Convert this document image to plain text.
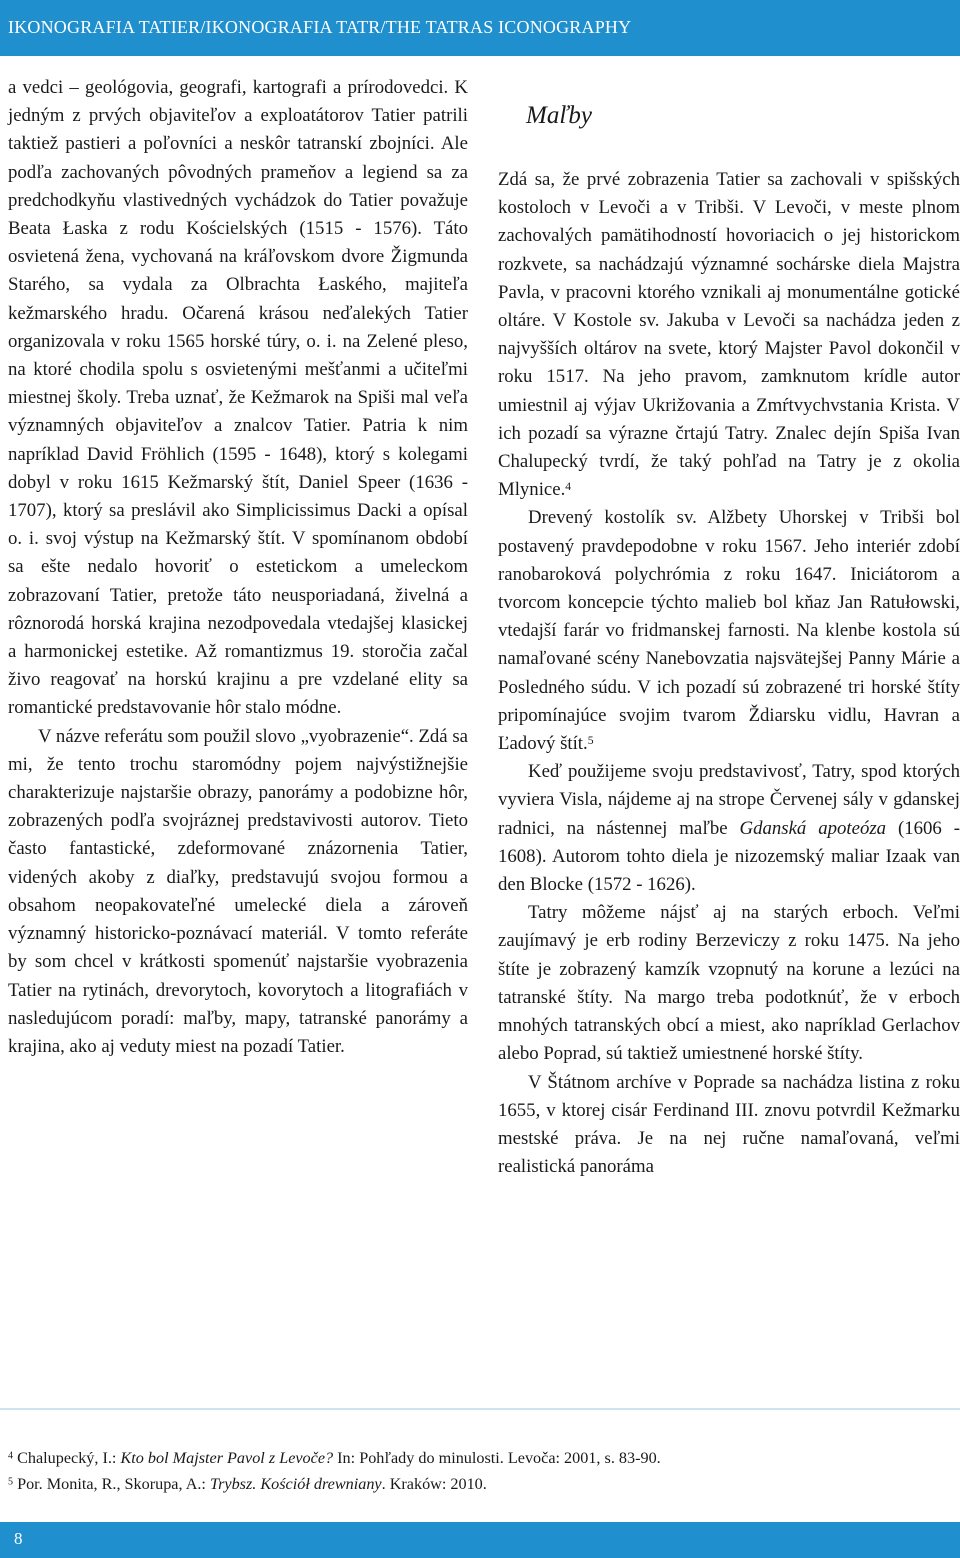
IKONOGRAFIA TATIER/IKONOGRAFIA TATR/THE TATRAS ICONOGRAPHY

a vedci – geológovia, geografi, kartografi a prírodovedci. K jedným z prvých objaviteľov a exploatátorov Tatier patrili taktiež pastieri a poľovníci a neskôr tatranskí zbojníci. Ale podľa zachovaných pôvodných prameňov a legiend sa za predchodkyňu vlastivedných vychádzok do Tatier považuje Beata Łaska z rodu Kościelských (1515 - 1576). Táto osvietená žena, vychovaná na kráľovskom dvore Žigmunda Starého, sa vydala za Olbrachta Łaského, majiteľa kežmarského hradu. Očarená krásou neďalekých Tatier organizovala v roku 1565 horské túry, o. i. na Zelené pleso, na ktoré chodila spolu s osvietenými mešťanmi a učiteľmi miestnej školy. Treba uznať, že Kežmarok na Spiši mal veľa významných objaviteľov a znalcov Tatier. Patria k nim napríklad David Fröhlich (1595 - 1648), ktorý s kolegami dobyl v roku 1615 Kežmarský štít, Daniel Speer (1636 - 1707), ktorý sa preslávil ako Simplicissimus Dacki a opísal o. i. svoj výstup na Kežmarský štít. V spomínanom období sa ešte nedalo hovoriť o estetickom a umeleckom zobrazovaní Tatier, pretože táto neusporiadaná, živelná a rôznorodá horská krajina nezodpovedala vtedajšej klasickej a harmonickej estetike. Až romantizmus 19. storočia začal živo reagovať na horskú krajinu a pre vzdelané elity sa romantické predstavovanie hôr stalo módne.

V názve referátu som použil slovo „vyobrazenie“. Zdá sa mi, že tento trochu staromódny pojem najvýstižnejšie charakterizuje najstaršie obrazy, panorámy a podobizne hôr, zobrazených podľa svojráznej predstavivosti autorov. Tieto často fantastické, zdeformované znázornenia Tatier, videných akoby z diaľky, predstavujú svojou formou a obsahom neopakovateľné umelecké diela a zároveň významný historicko-poznávací materiál. V tomto referáte by som chcel v krátkosti spomenúť najstaršie vyobrazenia Tatier na rytinách, drevorytoch, kovorytoch a litografiách v nasledujúcom poradí: maľby, mapy, tatranské panorámy a krajina, ako aj veduty miest na pozadí Tatier.

Maľby

Zdá sa, že prvé zobrazenia Tatier sa zachovali v spišských kostoloch v Levoči a v Tribši. V Levoči, v meste plnom zachovalých pamätihodností hovoriacich o jej historickom rozkvete, sa nachádzajú významné sochárske diela Majstra Pavla, v pracovni ktorého vznikali aj monumentálne gotické oltáre. V Kostole sv. Jakuba v Levoči sa nachádza jeden z najvyšších oltárov na svete, ktorý Majster Pavol dokončil v roku 1517. Na jeho pravom, zamknutom krídle autor umiestnil aj výjav Ukrižovania a Zmŕtvychvstania Krista. V ich pozadí sa výrazne črtajú Tatry. Znalec dejín Spiša Ivan Chalupecký tvrdí, že taký pohľad na Tatry je z okolia Mlynice.$^4$

Drevený kostolík sv. Alžbety Uhorskej v Tribši bol postavený pravdepodobne v roku 1567. Jeho interiér zdobí ranobaroková polychrómia z roku 1647. Iniciátorom a tvorcom koncepcie týchto malieb bol kňaz Jan Ratułowski, vtedajší farár vo fridmanskej farnosti. Na klenbe kostola sú namaľované scény Nanebovzatia najsvätejšej Panny Márie a Posledného súdu. V ich pozadí sú zobrazené tri horské štíty pripomínajúce svojim tvarom Ždiarsku vidlu, Havran a Ľadový štít.$^5$

Keď použijeme svoju predstavivosť, Tatry, spod ktorých vyviera Visla, nájdeme aj na strope Červenej sály v gdanskej radnici, na nástennej maľbe Gdanská apoteóza (1606 - 1608). Autorom tohto diela je nizozemský maliar Izaak van den Blocke (1572 - 1626).

Tatry môžeme nájsť aj na starých erboch. Veľmi zaujímavý je erb rodiny Berzeviczy z roku 1475. Na jeho štíte je zobrazený kamzík vzopnutý na korune a lezúci na tatranské štíty. Na margo treba podotknúť, že v erboch mnohých tatranských obcí a miest, ako napríklad Gerlachov alebo Poprad, sú taktiež umiestnené horské štíty.

V Štátnom archíve v Poprade sa nachádza listina z roku 1655, v ktorej cisár Ferdinand III. znovu potvrdil Kežmarku mestské práva. Je na nej ručne namaľovaná, veľmi realistická panoráma

$^4$ Chalupecký, I.: Kto bol Majster Pavol z Levoče? In: Pohľady do minulosti. Levoča: 2001, s. 83-90.

$^5$ Por. Monita, R., Skorupa, A.: Trybsz. Kościół drewniany. Kraków: 2010.

8
